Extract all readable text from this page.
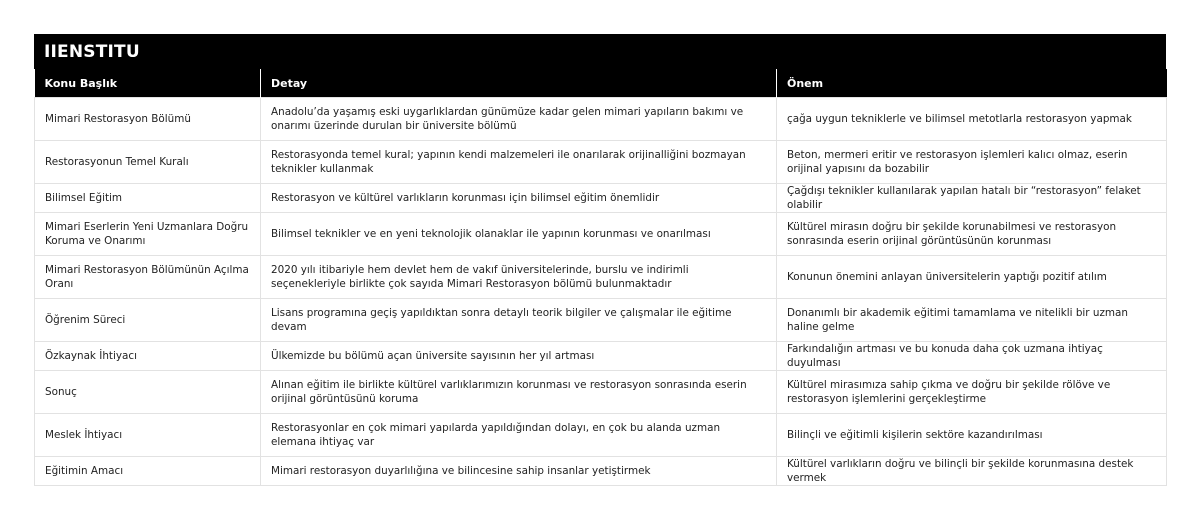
IIENSTITU
Konu Başlık	Detay	Önem
Mimari Restorasyon Bölümü	Anadolu’da yaşamış eski uygarlıklardan günümüze kadar gelen mimari yapıların bakımı ve onarımı üzerinde durulan bir üniversite bölümü	çağa uygun tekniklerle ve bilimsel metotlarla restorasyon yapmak
Restorasyonun Temel Kuralı	Restorasyonda temel kural; yapının kendi malzemeleri ile onarılarak orijinalliğini bozmayan teknikler kullanmak	Beton, mermeri eritir ve restorasyon işlemleri kalıcı olmaz, eserin orijinal yapısını da bozabilir
Bilimsel Eğitim	Restorasyon ve kültürel varlıkların korunması için bilimsel eğitim önemlidir	Çağdışı teknikler kullanılarak yapılan hatalı bir “restorasyon” felaket olabilir
Mimari Eserlerin Yeni Uzmanlara Doğru Koruma ve Onarımı	Bilimsel teknikler ve en yeni teknolojik olanaklar ile yapının korunması ve onarılması	Kültürel mirasın doğru bir şekilde korunabilmesi ve restorasyon sonrasında eserin orijinal görüntüsünün korunması
Mimari Restorasyon Bölümünün Açılma Oranı	2020 yılı itibariyle hem devlet hem de vakıf üniversitelerinde, burslu ve indirimli seçenekleriyle birlikte çok sayıda Mimari Restorasyon bölümü bulunmaktadır	Konunun önemini anlayan üniversitelerin yaptığı pozitif atılım
Öğrenim Süreci	Lisans programına geçiş yapıldıktan sonra detaylı teorik bilgiler ve çalışmalar ile eğitime devam	Donanımlı bir akademik eğitimi tamamlama ve nitelikli bir uzman haline gelme
Özkaynak İhtiyacı	Ülkemizde bu bölümü açan üniversite sayısının her yıl artması	Farkındalığın artması ve bu konuda daha çok uzmana ihtiyaç duyulması
Sonuç	Alınan eğitim ile birlikte kültürel varlıklarımızın korunması ve restorasyon sonrasında eserin orijinal görüntüsünü koruma	Kültürel mirasımıza sahip çıkma ve doğru bir şekilde rölöve ve restorasyon işlemlerini gerçekleştirme
Meslek İhtiyacı	Restorasyonlar en çok mimari yapılarda yapıldığından dolayı, en çok bu alanda uzman elemana ihtiyaç var	Bilinçli ve eğitimli kişilerin sektöre kazandırılması
Eğitimin Amacı	Mimari restorasyon duyarlılığına ve bilincesine sahip insanlar yetiştirmek	Kültürel varlıkların doğru ve bilinçli bir şekilde korunmasına destek vermek
